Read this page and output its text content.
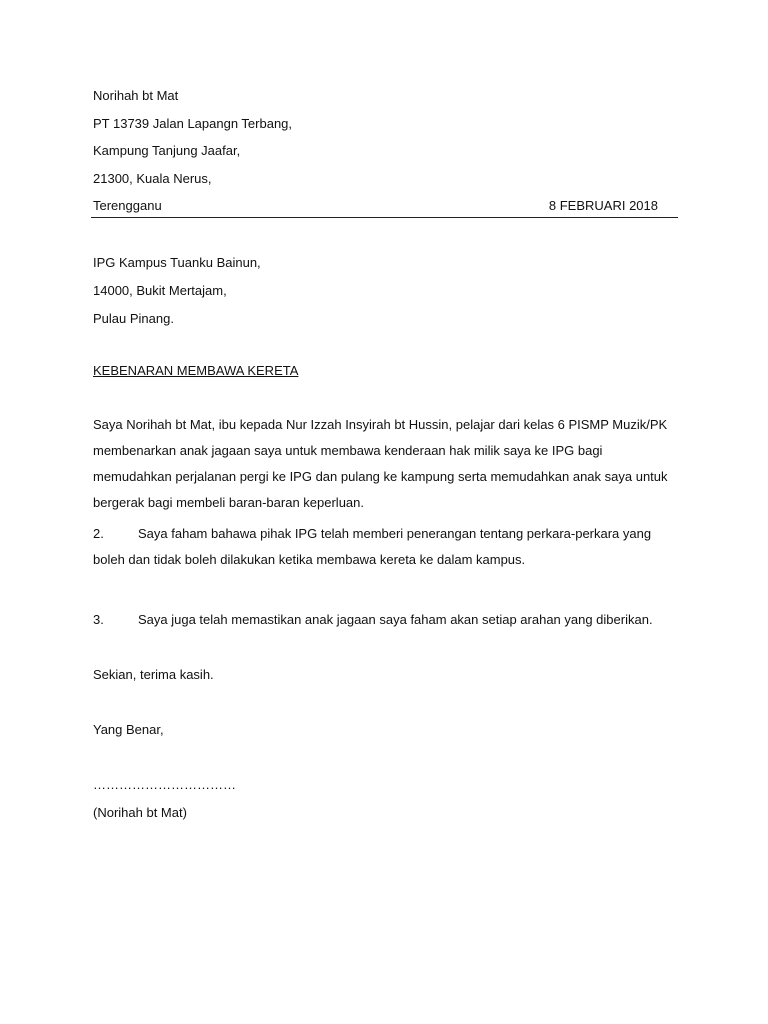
Norihah bt Mat
PT 13739 Jalan Lapangn Terbang,
Kampung Tanjung Jaafar,
21300, Kuala Nerus,
Terengganu	8 FEBRUARI 2018
IPG Kampus Tuanku Bainun,
14000, Bukit Mertajam,
Pulau Pinang.
KEBENARAN MEMBAWA KERETA
Saya Norihah bt Mat, ibu kepada Nur Izzah Insyirah bt Hussin, pelajar dari kelas 6 PISMP Muzik/PK
membenarkan anak jagaan saya untuk membawa kenderaan hak milik saya ke IPG bagi
memudahkan perjalanan pergi ke IPG dan pulang ke kampung serta memudahkan anak saya untuk
bergerak bagi membeli baran-baran keperluan.
2.	Saya faham bahawa pihak IPG telah memberi penerangan tentang perkara-perkara yang
boleh dan tidak boleh dilakukan ketika membawa kereta ke dalam kampus.
3.	Saya juga telah memastikan anak jagaan saya faham akan setiap arahan yang diberikan.
Sekian, terima kasih.
Yang Benar,
……………………………
(Norihah bt Mat)
